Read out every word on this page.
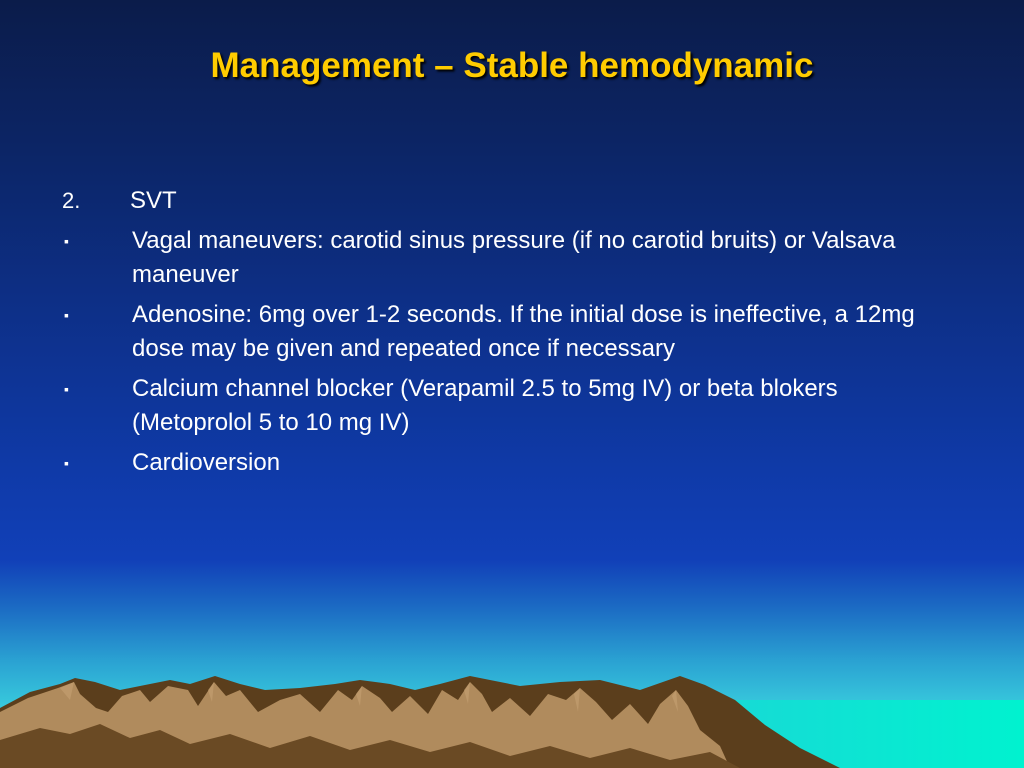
Management – Stable hemodynamic
2.	SVT
▪	Vagal maneuvers: carotid sinus pressure (if no carotid bruits) or Valsava maneuver
▪	Adenosine: 6mg over 1-2 seconds. If the initial dose is ineffective, a 12mg dose may be given and repeated once if necessary
▪	Calcium channel blocker (Verapamil 2.5 to 5mg IV) or beta blokers (Metoprolol 5 to 10 mg IV)
▪	Cardioversion
